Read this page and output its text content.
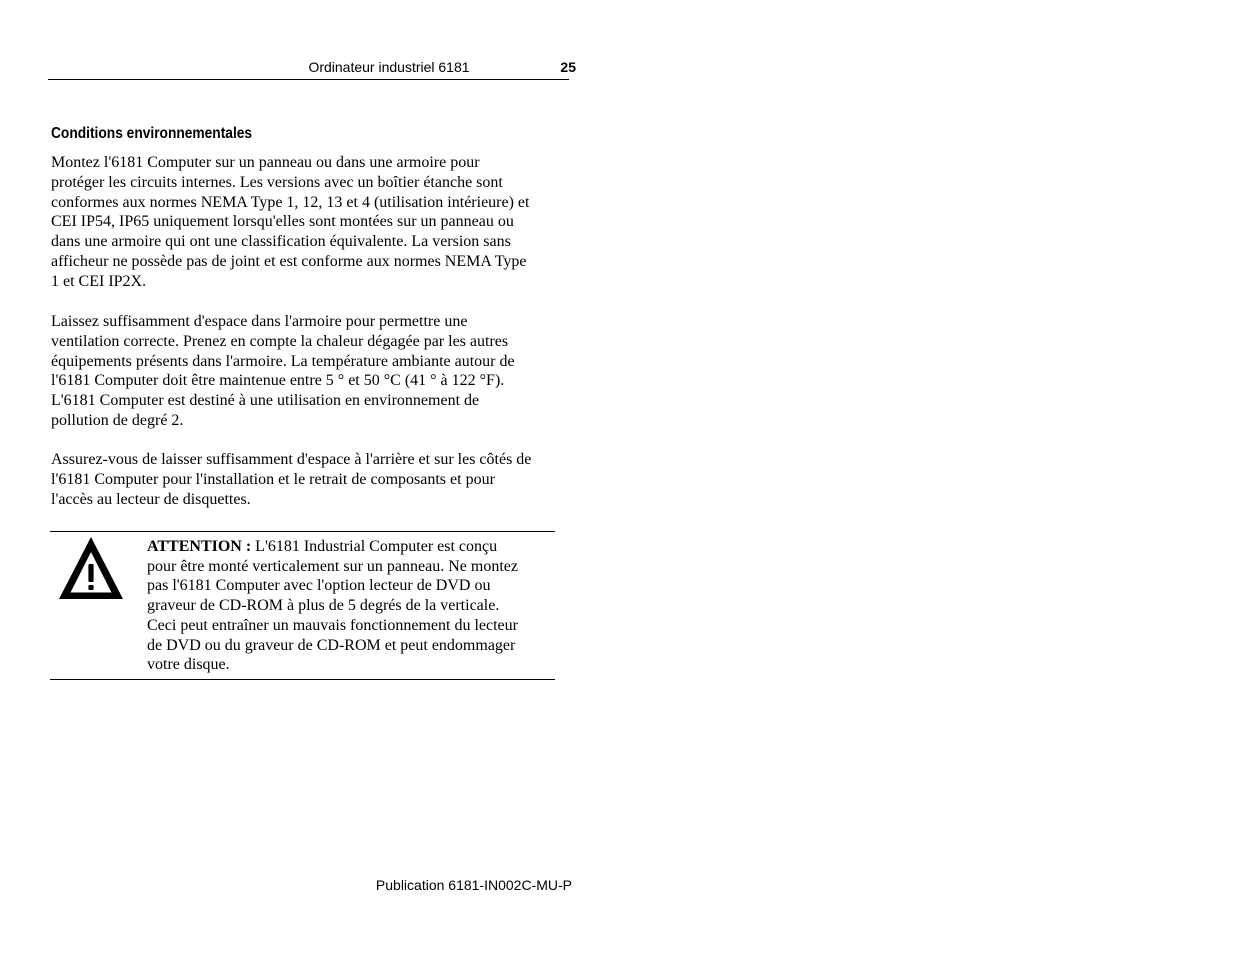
Ordinateur industriel 6181	25
Conditions environnementales

Montez l'6181 Computer sur un panneau ou dans une armoire pour
protéger les circuits internes. Les versions avec un boîtier étanche sont
conformes aux normes NEMA Type 1, 12, 13 et 4 (utilisation intérieure) et
CEI IP54, IP65 uniquement lorsqu'elles sont montées sur un panneau ou
dans une armoire qui ont une classification équivalente. La version sans
afficheur ne possède pas de joint et est conforme aux normes NEMA Type
1 et CEI IP2X.

Laissez suffisamment d'espace dans l'armoire pour permettre une
ventilation correcte. Prenez en compte la chaleur dégagée par les autres
équipements présents dans l'armoire. La température ambiante autour de
l'6181 Computer doit être maintenue entre 5 ° et 50 °C (41 ° à 122 °F).
L'6181 Computer est destiné à une utilisation en environnement de
pollution de degré 2.

Assurez-vous de laisser suffisamment d'espace à l'arrière et sur les côtés de
l'6181 Computer pour l'installation et le retrait de composants et pour
l'accès au lecteur de disquettes.

ATTENTION : L'6181 Industrial Computer est conçu
pour être monté verticalement sur un panneau. Ne montez
pas l'6181 Computer avec l'option lecteur de DVD ou
graveur de CD-ROM à plus de 5 degrés de la verticale.
Ceci peut entraîner un mauvais fonctionnement du lecteur
de DVD ou du graveur de CD-ROM et peut endommager
votre disque.
Publication 6181-IN002C-MU-P
